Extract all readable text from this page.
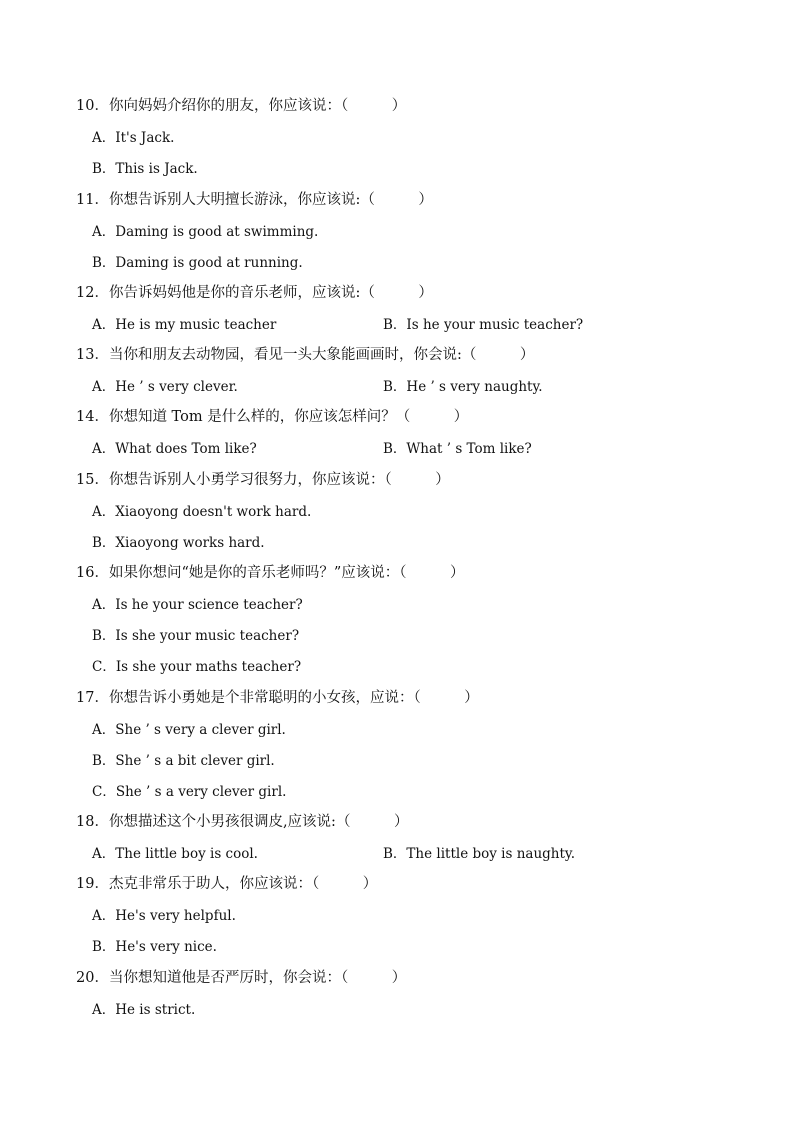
10．你向妈妈介绍你的朋友，你应该说：（　　　）
A．It's Jack.
B．This is Jack.
11．你想告诉别人大明擅长游泳，你应该说:（　　　）
A．Daming is good at swimming.
B．Daming is good at running.
12．你告诉妈妈他是你的音乐老师，应该说:（　　　）
A．He is my music teacher	B．Is he your music teacher?
13．当你和朋友去动物园，看见一头大象能画画时，你会说:（　　　）
A．He ’ s very clever.	B．He ’ s very naughty.
14．你想知道 Tom 是什么样的，你应该怎样问？（　　　）
A．What does Tom like?	B．What ’ s Tom like?
15．你想告诉别人小勇学习很努力，你应该说：（　　　）
A．Xiaoyong doesn't work hard.
B．Xiaoyong works hard.
16．如果你想问“她是你的音乐老师吗？”应该说：（　　　）
A．Is he your science teacher?
B．Is she your music teacher?
C．Is she your maths teacher?
17．你想告诉小勇她是个非常聪明的小女孩，应说：（　　　）
A．She ’ s very a clever girl.
B．She ’ s a bit clever girl.
C．She ’ s a very clever girl.
18．你想描述这个小男孩很调皮,应该说:（　　　）
A．The little boy is cool.	B．The little boy is naughty.
19．杰克非常乐于助人，你应该说：（　　　）
A．He's very helpful.
B．He's very nice.
20．当你想知道他是否严厉时，你会说：（　　　）
A．He is strict.
